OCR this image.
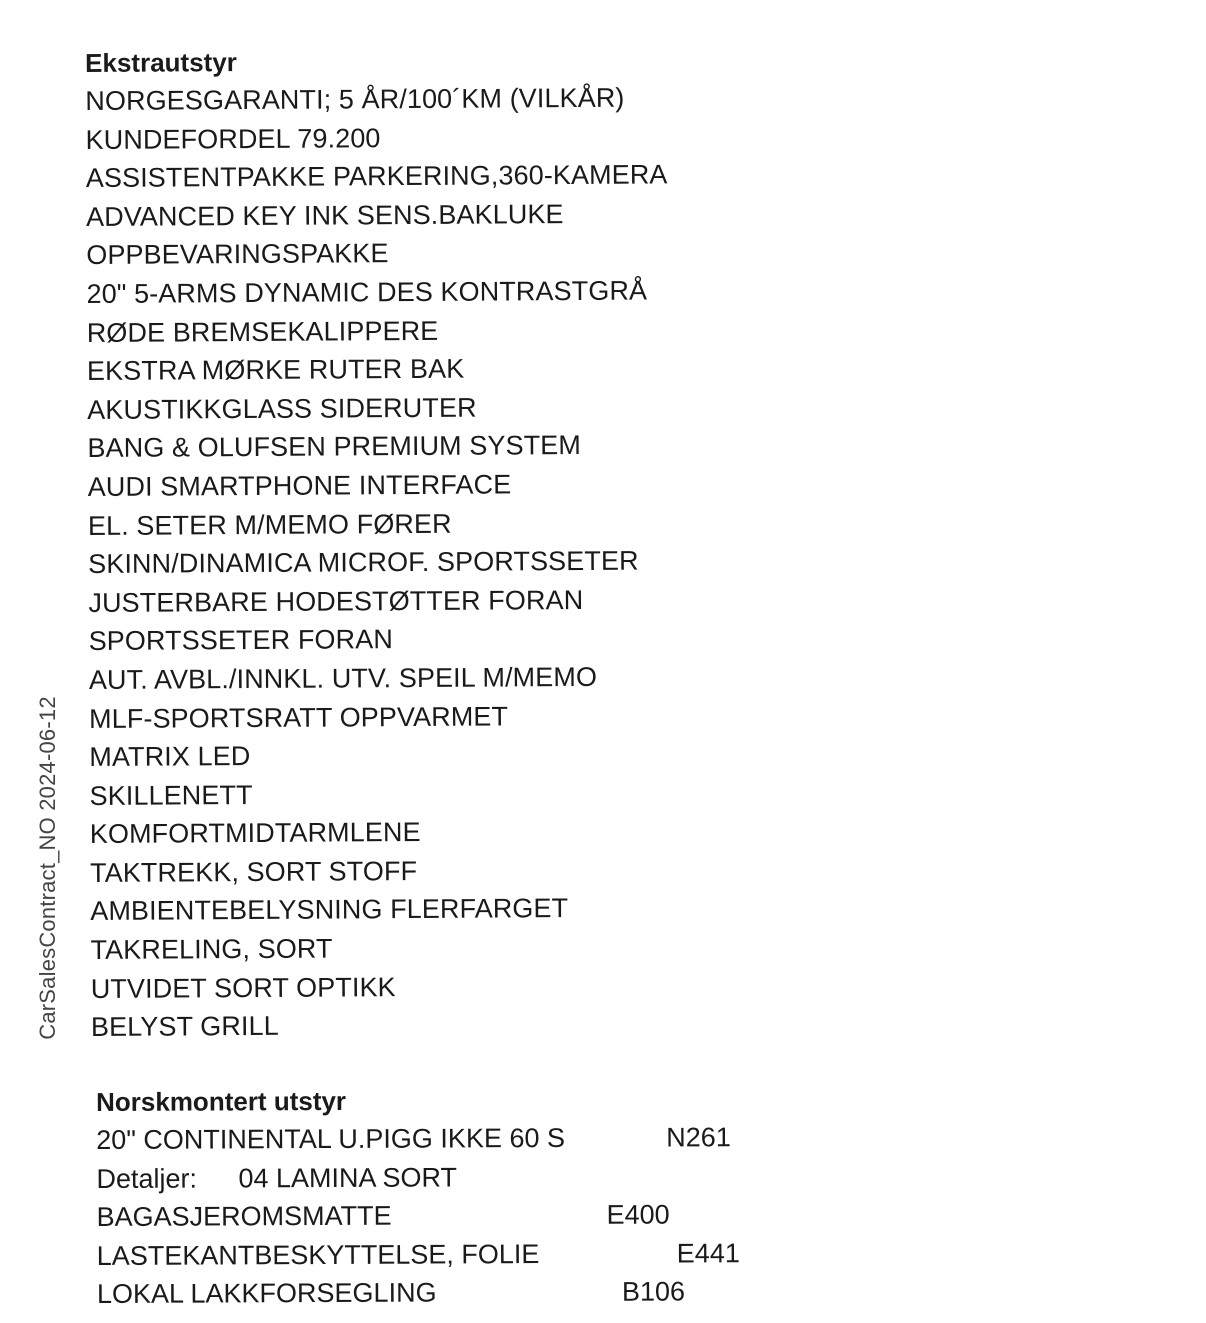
CarSalesContract_NO 2024-06-12
Ekstrautstyr
NORGESGARANTI; 5 ÅR/100´KM (VILKÅR)
KUNDEFORDEL 79.200
ASSISTENTPAKKE PARKERING,360-KAMERA
ADVANCED KEY INK SENS.BAKLUKE
OPPBEVARINGSPAKKE
20" 5-ARMS DYNAMIC DES KONTRASTGRÅ
RØDE BREMSEKALIPPERE
EKSTRA MØRKE RUTER BAK
AKUSTIKKGLASS SIDERUTER
BANG & OLUFSEN PREMIUM SYSTEM
AUDI SMARTPHONE INTERFACE
EL. SETER M/MEMO FØRER
SKINN/DINAMICA MICROF. SPORTSSETER
JUSTERBARE HODESTØTTER FORAN
SPORTSSETER FORAN
AUT. AVBL./INNKL. UTV. SPEIL M/MEMO
MLF-SPORTSRATT OPPVARMET
MATRIX LED
SKILLENETT
KOMFORTMIDTARMLENE
TAKTREKK, SORT STOFF
AMBIENTEBELYSNING FLERFARGET
TAKRELING, SORT
UTVIDET SORT OPTIKK
BELYST GRILL
Norskmontert utstyr
20" CONTINENTAL U.PIGG IKKE 60 S	N261
Detaljer:	04 LAMINA SORT
BAGASJEROMSMATTE	E400
LASTEKANTBESKYTTELSE, FOLIE	E441
LOKAL LAKKFORSEGLING	B106
